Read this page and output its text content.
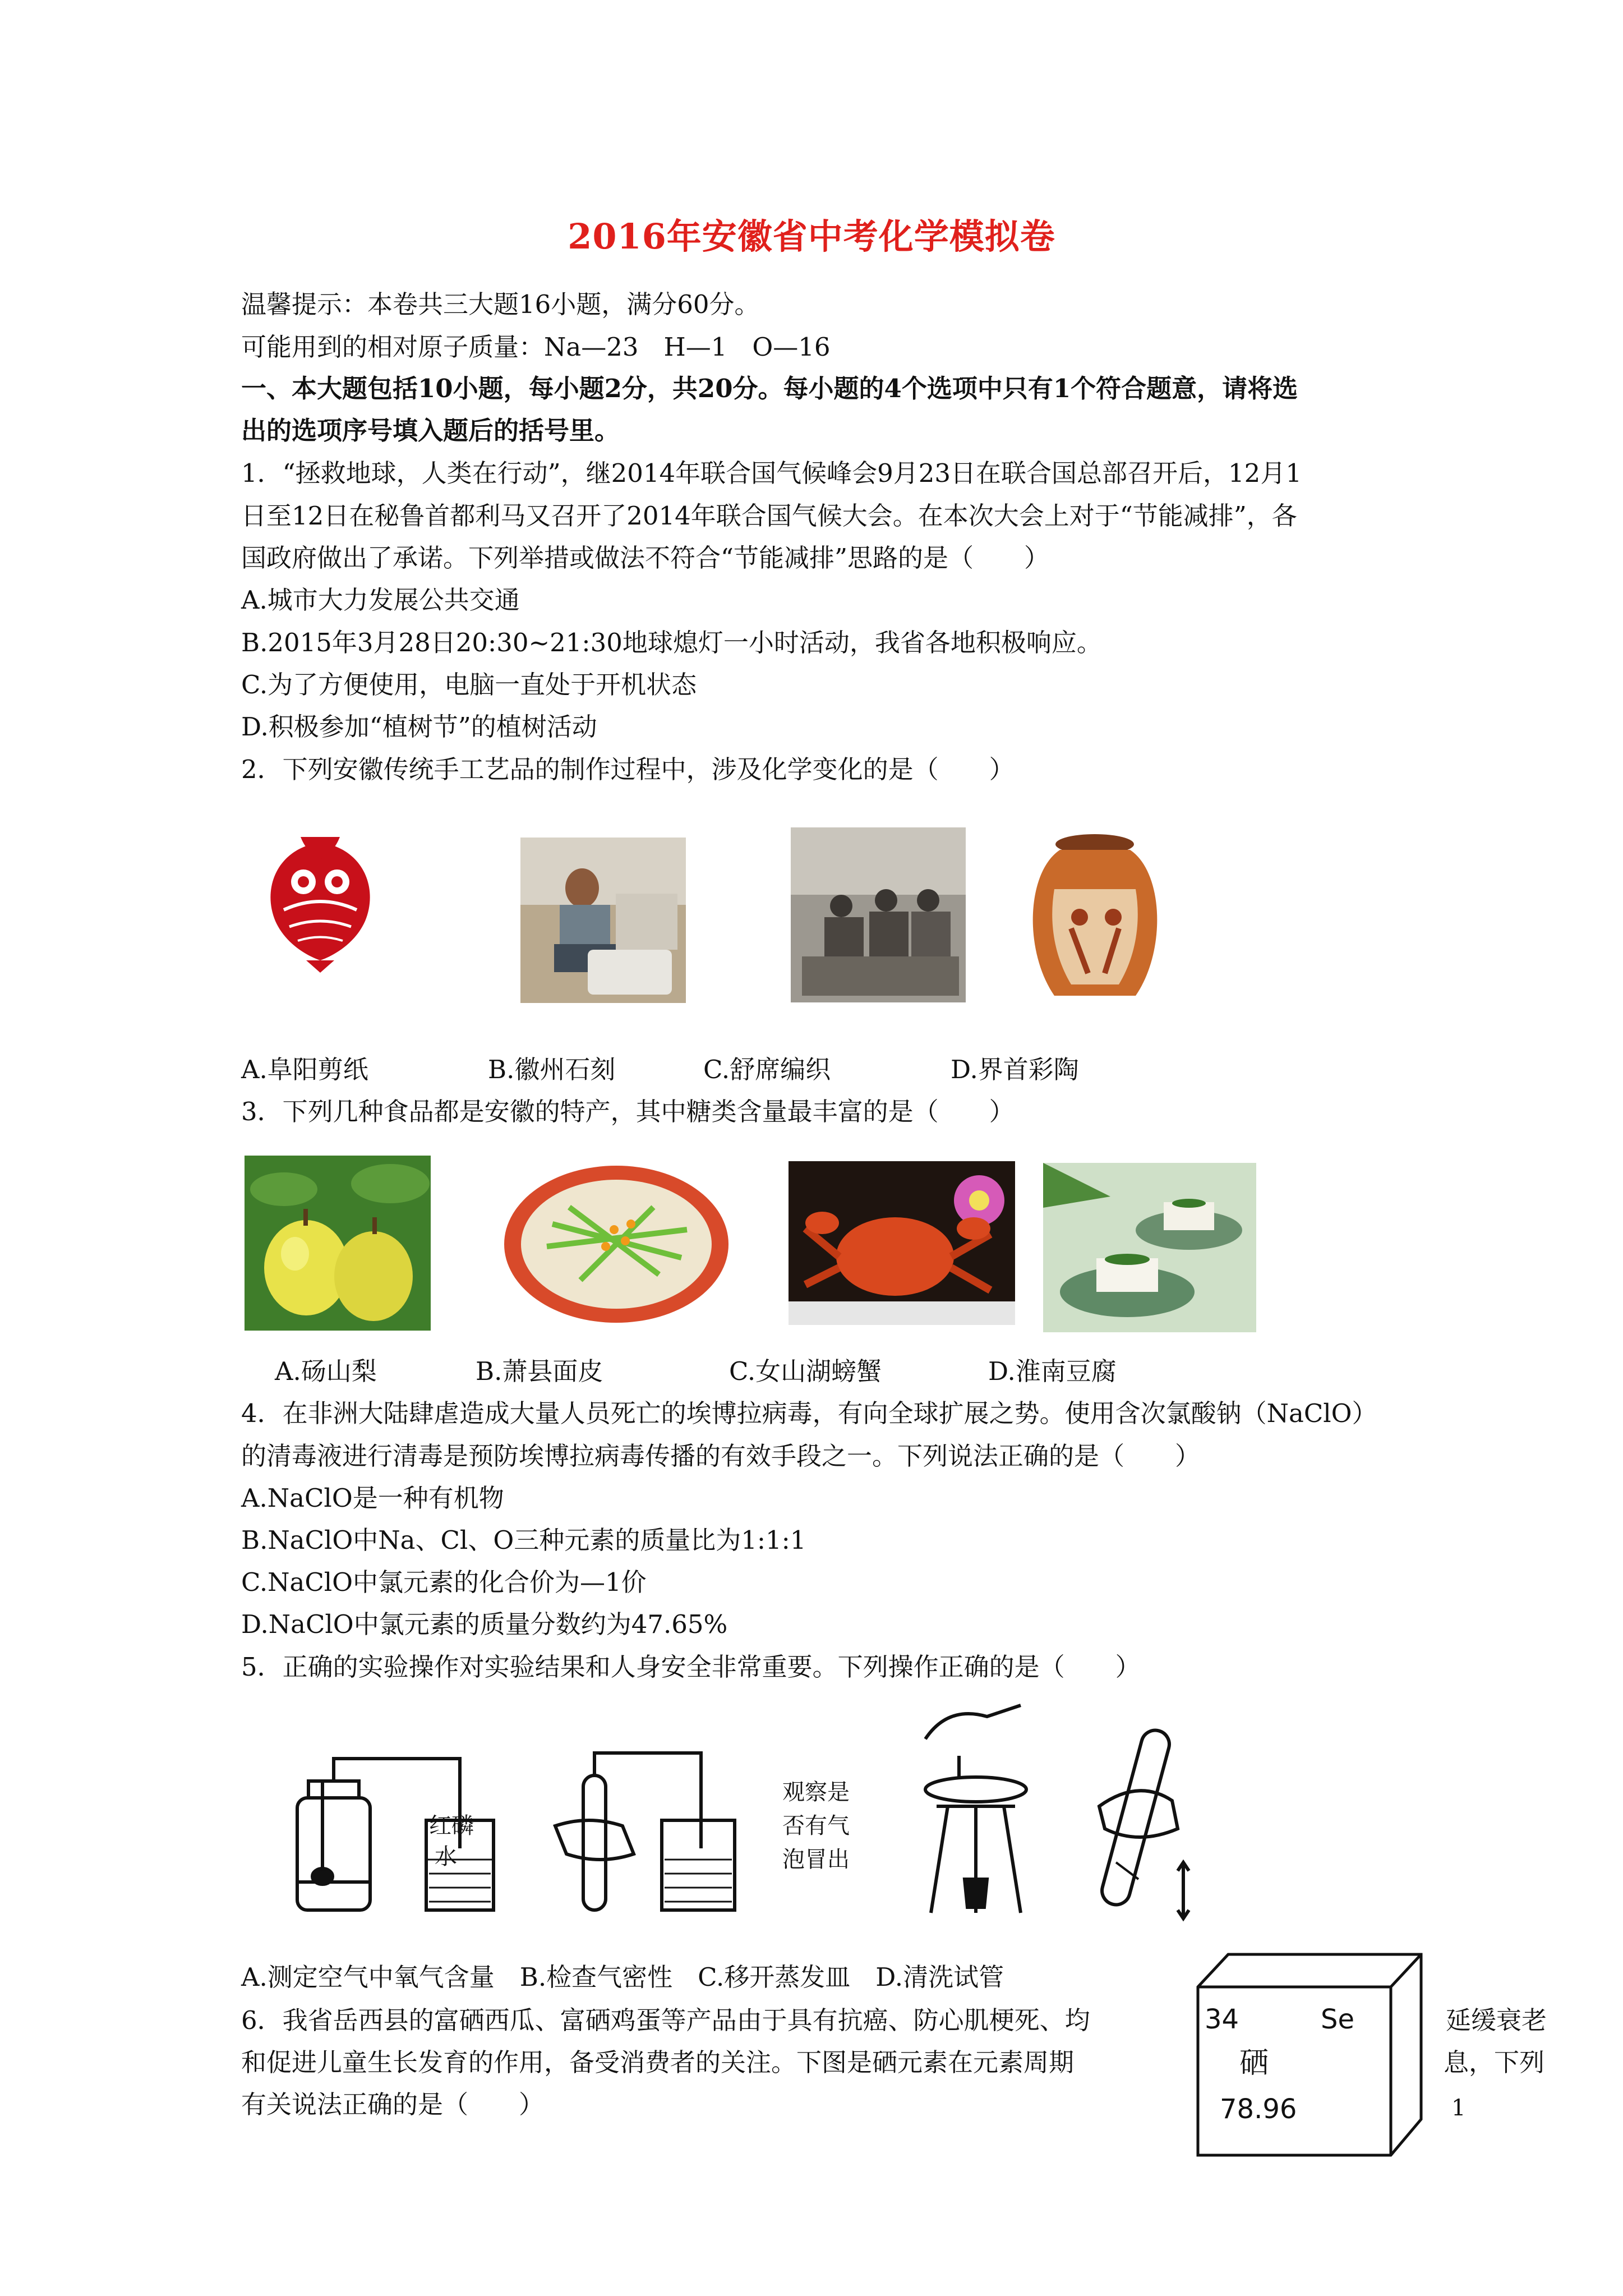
2016年安徽省中考化学模拟卷
温馨提示：本卷共三大题16小题，满分60分。
可能用到的相对原子质量：Na—23　H—1　O—16
一、本大题包括10小题，每小题2分，共20分。每小题的4个选项中只有1个符合题意，请将选
出的选项序号填入题后的括号里。
1．“拯救地球，人类在行动”，继2014年联合国气候峰会9月23日在联合国总部召开后，12月1
日至12日在秘鲁首都利马又召开了2014年联合国气候大会。在本次大会上对于“节能减排”，各
国政府做出了承诺。下列举措或做法不符合“节能减排”思路的是（　　）
A.城市大力发展公共交通
B.2015年3月28日20:30~21:30地球熄灯一小时活动，我省各地积极响应。
C.为了方便使用，电脑一直处于开机状态
D.积极参加“植树节”的植树活动
2．下列安徽传统手工艺品的制作过程中，涉及化学变化的是（　　）
A.阜阳剪纸	B.徽州石刻	C.舒席编织	D.界首彩陶
3．下列几种食品都是安徽的特产，其中糖类含量最丰富的是（　　）
A.砀山梨	B.萧县面皮	C.女山湖螃蟹	D.淮南豆腐
4．在非洲大陆肆虐造成大量人员死亡的埃博拉病毒，有向全球扩展之势。使用含次氯酸钠（NaClO）
的清毒液进行清毒是预防埃博拉病毒传播的有效手段之一。下列说法正确的是（　　）
A.NaClO是一种有机物
B.NaClO中Na、Cl、O三种元素的质量比为1:1:1
C.NaClO中氯元素的化合价为—1价
D.NaClO中氯元素的质量分数约为47.65%
5．正确的实验操作对实验结果和人身安全非常重要。下列操作正确的是（　　）
红磷
水
观察是
否有气
泡冒出
A.测定空气中氧气含量　B.检查气密性　C.移开蒸发皿　D.清洗试管
34	Se
硒
78.96
6．我省岳西县的富硒西瓜、富硒鸡蛋等产品由于具有抗癌、防心肌梗死、均	延缓衰老
和促进儿童生长发育的作用，备受消费者的关注。下图是硒元素在元素周期	息，下列
有关说法正确的是（　　）	1
